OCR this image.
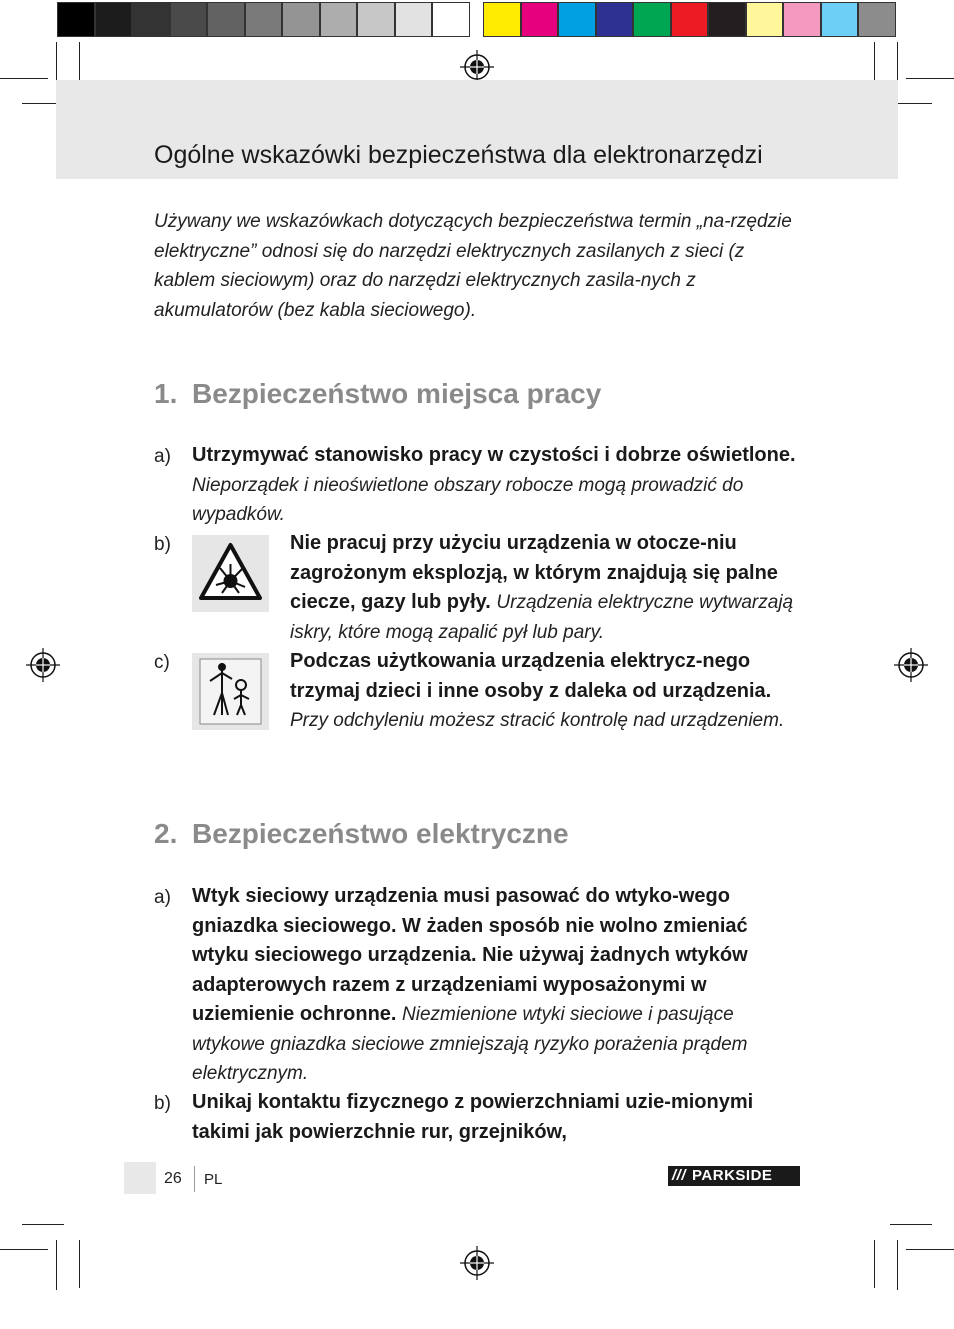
Ogólne wskazówki bezpieczeństwa dla elektronarzędzi
Używany we wskazówkach dotyczących bezpieczeństwa termin „na-rzędzie elektryczne” odnosi się do narzędzi elektrycznych zasilanych z sieci (z kablem sieciowym) oraz do narzędzi elektrycznych zasila-nych z akumulatorów (bez kabla sieciowego).
1. Bezpieczeństwo miejsca pracy
a) Utrzymywać stanowisko pracy w czystości i dobrze oświetlone. Nieporządek i nieoświetlone obszary robocze mogą prowadzić do wypadków.
b)	Nie pracuj przy użyciu urządzenia w otocze-niu zagrożonym eksplozją, w którym znajdują się palne ciecze, gazy lub pyły. Urządzenia elektryczne wytwarzają iskry, które mogą zapalić pył lub pary.
c)	Podczas użytkowania urządzenia elektrycz-nego trzymaj dzieci i inne osoby z daleka od urządzenia. Przy odchyleniu możesz stracić kontrolę nad urządzeniem.
2. Bezpieczeństwo elektryczne
a) Wtyk sieciowy urządzenia musi pasować do wtyko-wego gniazdka sieciowego. W żaden sposób nie wolno zmieniać wtyku sieciowego urządzenia. Nie używaj żadnych wtyków adapterowych razem z urządzeniami wyposażonymi w uziemienie ochronne. Niezmienione wtyki sieciowe i pasujące wtykowe gniazdka sieciowe zmniejszają ryzyko porażenia prądem elektrycznym.
b) Unikaj kontaktu fizycznego z powierzchniami uzie-mionymi takimi jak powierzchnie rur, grzejników,
26 PL	/// PARKSIDE
